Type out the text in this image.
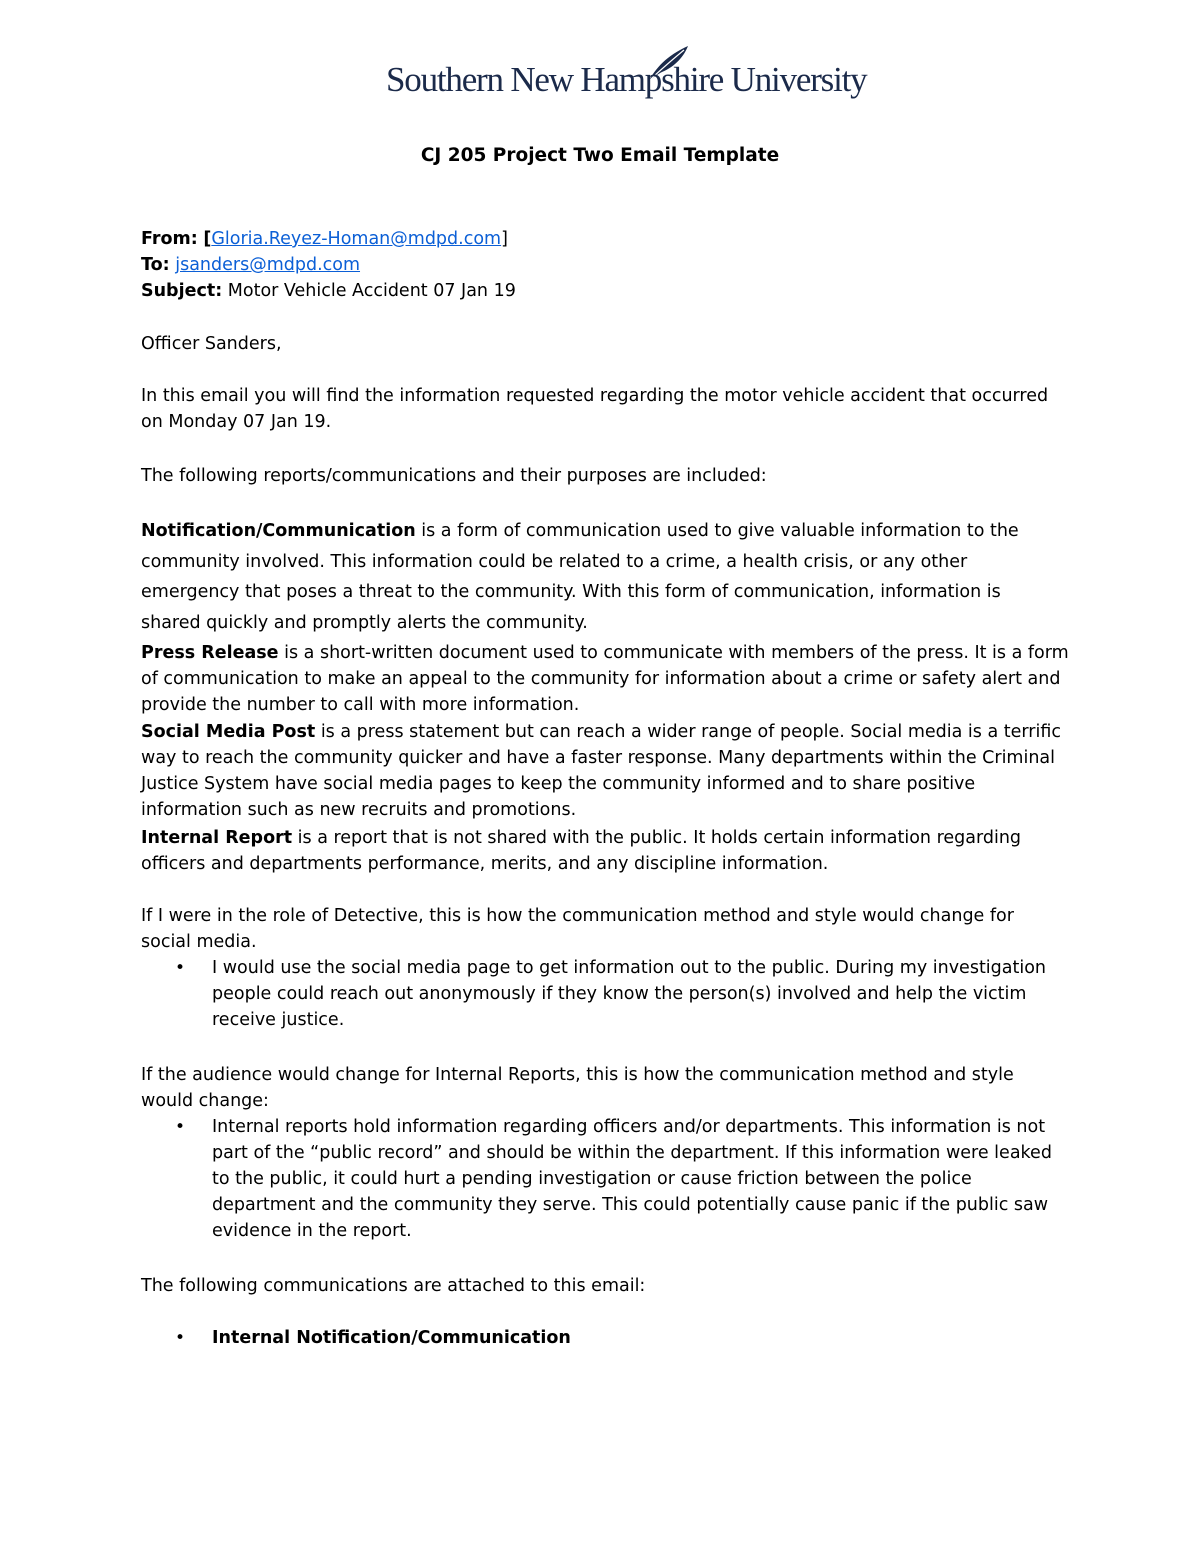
Southern New Hampshire University
CJ 205 Project Two Email Template
From: [Gloria.Reyez-Homan@mdpd.com]
To: jsanders@mdpd.com
Subject: Motor Vehicle Accident 07 Jan 19
Officer Sanders,
In this email you will find the information requested regarding the motor vehicle accident that occurred
on Monday 07 Jan 19.
The following reports/communications and their purposes are included:
Notification/Communication is a form of communication used to give valuable information to the
community involved. This information could be related to a crime, a health crisis, or any other
emergency that poses a threat to the community. With this form of communication, information is
shared quickly and promptly alerts the community.
Press Release is a short-written document used to communicate with members of the press. It is a form
of communication to make an appeal to the community for information about a crime or safety alert and
provide the number to call with more information.
Social Media Post is a press statement but can reach a wider range of people. Social media is a terrific
way to reach the community quicker and have a faster response. Many departments within the Criminal
Justice System have social media pages to keep the community informed and to share positive
information such as new recruits and promotions.
Internal Report is a report that is not shared with the public. It holds certain information regarding
officers and departments performance, merits, and any discipline information.
If I were in the role of Detective, this is how the communication method and style would change for
social media.
• I would use the social media page to get information out to the public. During my investigation
people could reach out anonymously if they know the person(s) involved and help the victim
receive justice.
If the audience would change for Internal Reports, this is how the communication method and style
would change:
• Internal reports hold information regarding officers and/or departments. This information is not
part of the “public record” and should be within the department. If this information were leaked
to the public, it could hurt a pending investigation or cause friction between the police
department and the community they serve. This could potentially cause panic if the public saw
evidence in the report.
The following communications are attached to this email:
• Internal Notification/Communication
